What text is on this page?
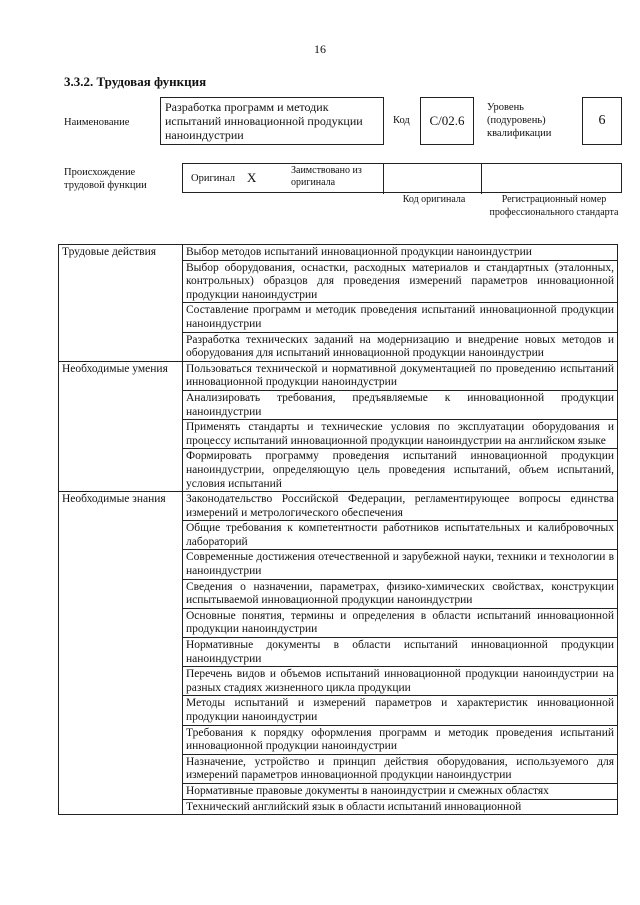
16
3.3.2. Трудовая функция
Наименование
Разработка программ и методик испытаний инновационной продукции наноиндустрии
Код	С/02.6
Уровень (подуровень) квалификации
6
Происхождение трудовой функции
Оригинал X	Заимствовано из оригинала
Код оригинала	Регистрационный номер профессионального стандарта
Трудовые действия	Выбор методов испытаний инновационной продукции наноиндустрии
	Выбор оборудования, оснастки, расходных материалов и стандартных (эталонных, контрольных) образцов для проведения измерений параметров инновационной продукции наноиндустрии
	Составление программ и методик проведения испытаний инновационной продукции наноиндустрии
	Разработка технических заданий на модернизацию и внедрение новых методов и оборудования для испытаний инновационной продукции наноиндустрии
Необходимые умения	Пользоваться технической и нормативной документацией по проведению испытаний инновационной продукции наноиндустрии
	Анализировать требования, предъявляемые к инновационной продукции наноиндустрии
	Применять стандарты и технические условия по эксплуатации оборудования и процессу испытаний инновационной продукции наноиндустрии на английском языке
	Формировать программу проведения испытаний инновационной продукции наноиндустрии, определяющую цель проведения испытаний, объем испытаний, условия испытаний
Необходимые знания	Законодательство Российской Федерации, регламентирующее вопросы единства измерений и метрологического обеспечения
	Общие требования к компетентности работников испытательных и калибровочных лабораторий
	Современные достижения отечественной и зарубежной науки, техники и технологии в наноиндустрии
	Сведения о назначении, параметрах, физико-химических свойствах, конструкции испытываемой инновационной продукции наноиндустрии
	Основные понятия, термины и определения в области испытаний инновационной продукции наноиндустрии
	Нормативные документы в области испытаний инновационной продукции наноиндустрии
	Перечень видов и объемов испытаний инновационной продукции наноиндустрии на разных стадиях жизненного цикла продукции
	Методы испытаний и измерений параметров и характеристик инновационной продукции наноиндустрии
	Требования к порядку оформления программ и методик проведения испытаний инновационной продукции наноиндустрии
	Назначение, устройство и принцип действия оборудования, используемого для измерений параметров инновационной продукции наноиндустрии
	Нормативные правовые документы в наноиндустрии и смежных областях
	Технический английский язык в области испытаний инновационной
